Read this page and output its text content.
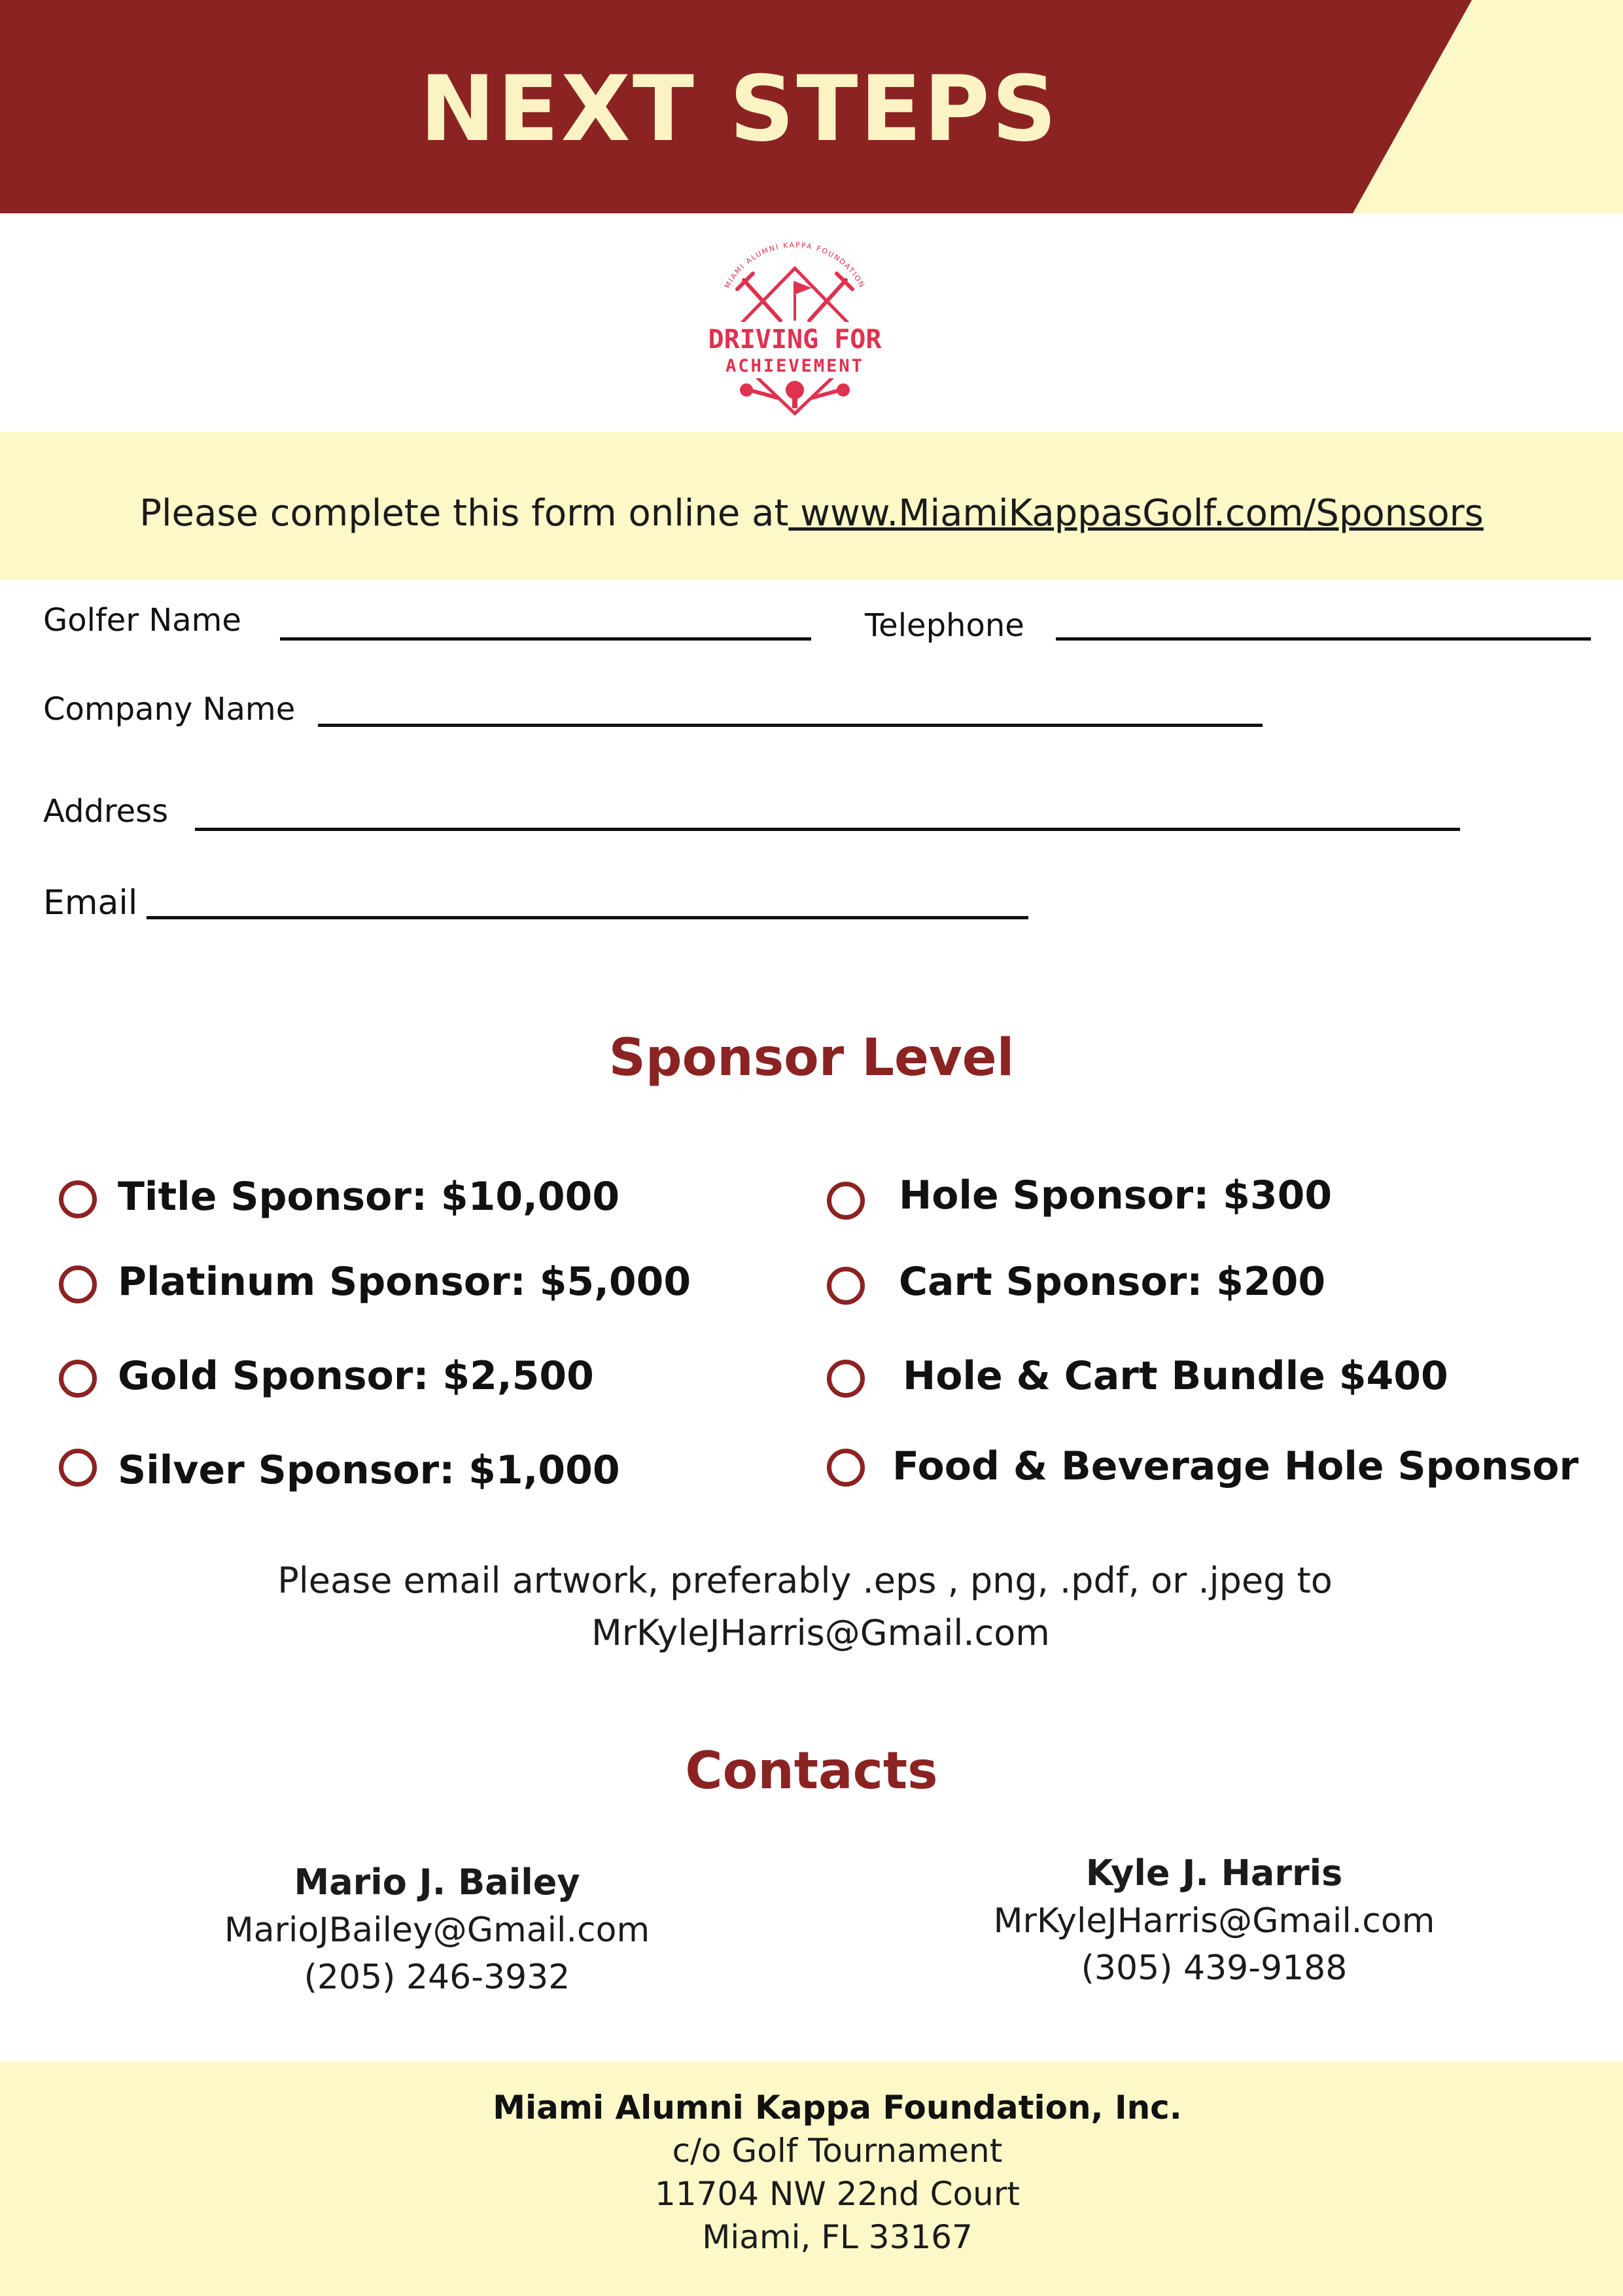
NEXT STEPS
MIAMI ALUMNI KAPPA FOUNDATION
DRIVING FOR
ACHIEVEMENT
Please complete this form online at www.MiamiKappasGolf.com/Sponsors
Golfer Name	Telephone
Company Name
Address
Email
Sponsor Level
Title Sponsor: $10,000
Platinum Sponsor: $5,000
Gold Sponsor: $2,500
Silver Sponsor: $1,000
Hole Sponsor: $300
Cart Sponsor: $200
Hole & Cart Bundle $400
Food & Beverage Hole Sponsor
Please email artwork, preferably .eps , png, .pdf, or .jpeg to
MrKyleJHarris@Gmail.com
Contacts
Mario J. Bailey
MarioJBailey@Gmail.com
(205) 246-3932
Kyle J. Harris
MrKyleJHarris@Gmail.com
(305) 439-9188
Miami Alumni Kappa Foundation, Inc.
c/o Golf Tournament
11704 NW 22nd Court
Miami, FL 33167
